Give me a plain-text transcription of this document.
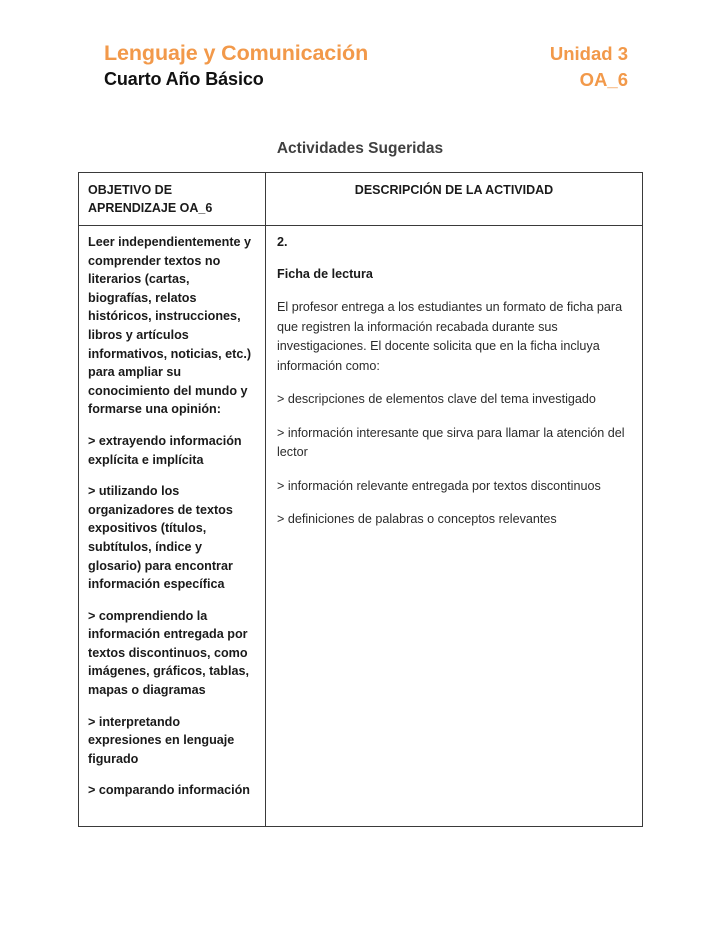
Lenguaje y Comunicación
Cuarto Año Básico
Unidad 3
OA_6
Actividades Sugeridas
OBJETIVO DE APRENDIZAJE OA_6
DESCRIPCIÓN DE LA ACTIVIDAD

Leer independientemente y comprender textos no literarios (cartas, biografías, relatos históricos, instrucciones, libros y artículos informativos, noticias, etc.) para ampliar su conocimiento del mundo y formarse una opinión:

> extrayendo información explícita e implícita

> utilizando los organizadores de textos expositivos (títulos, subtítulos, índice y glosario) para encontrar información específica

> comprendiendo la información entregada por textos discontinuos, como imágenes, gráficos, tablas, mapas o diagramas

> interpretando expresiones en lenguaje figurado

> comparando información

2.

Ficha de lectura

El profesor entrega a los estudiantes un formato de ficha para que registren la información recabada durante sus investigaciones. El docente solicita que en la ficha incluya información como:

> descripciones de elementos clave del tema investigado

> información interesante que sirva para llamar la atención del lector

> información relevante entregada por textos discontinuos

> definiciones de palabras o conceptos relevantes
